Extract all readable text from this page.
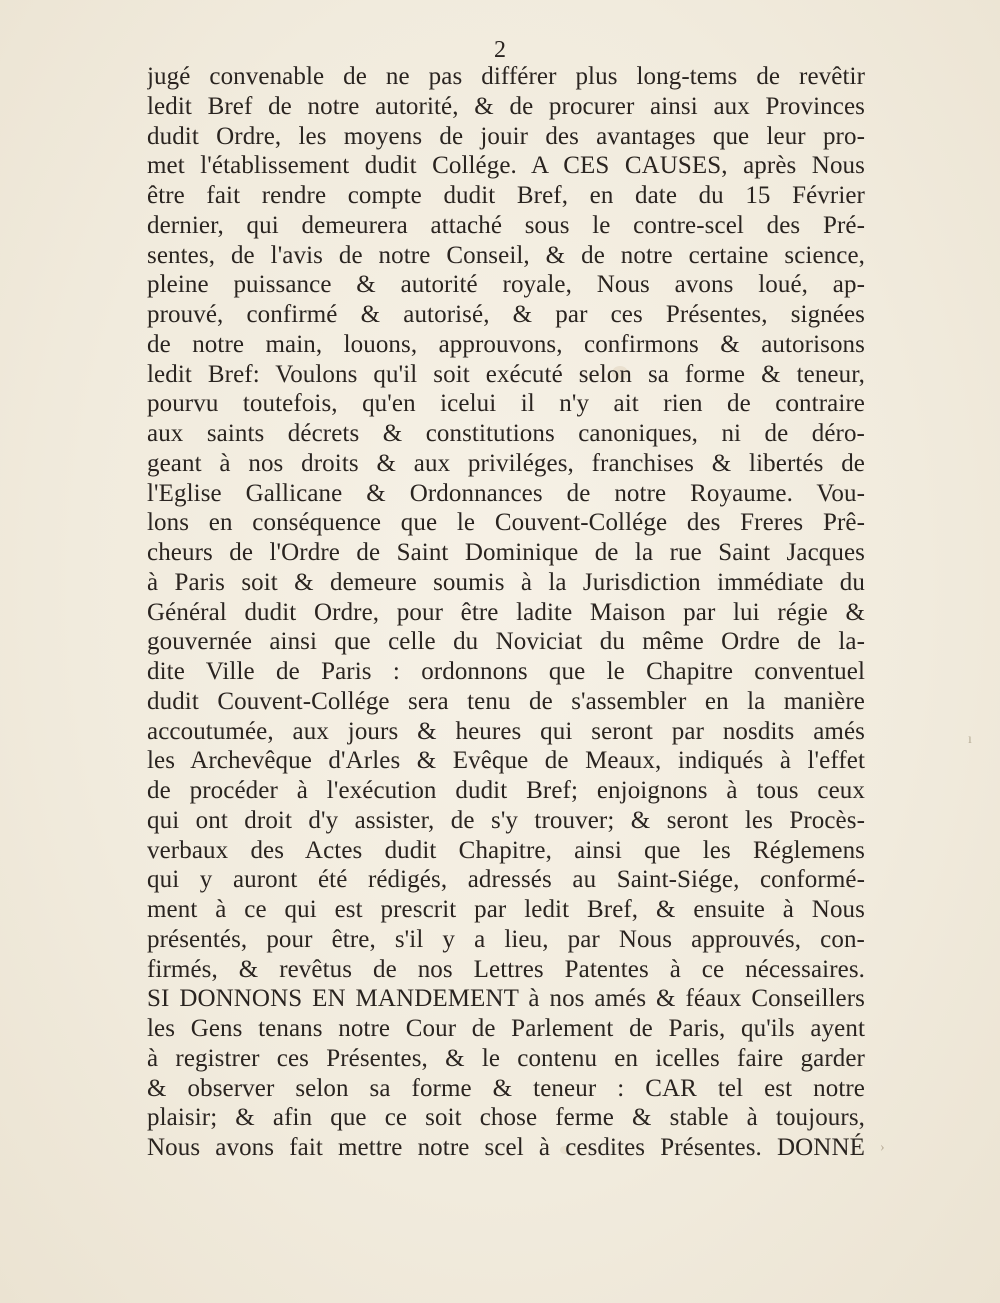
ı
›
2
jugé convenable de ne pas différer plus long-tems de revêtir
ledit Bref de notre autorité, & de procurer ainsi aux Provinces
dudit Ordre, les moyens de jouir des avantages que leur pro-
met l'établissement dudit Collége. A CES CAUSES, après Nous
être fait rendre compte dudit Bref, en date du 15 Février
dernier, qui demeurera attaché sous le contre-scel des Pré-
sentes, de l'avis de notre Conseil, & de notre certaine science,
pleine puissance & autorité royale, Nous avons loué, ap-
prouvé, confirmé & autorisé, & par ces Présentes, signées
de notre main, louons, approuvons, confirmons & autorisons
ledit Bref: Voulons qu'il soit exécuté selon sa forme & teneur,
pourvu toutefois, qu'en icelui il n'y ait rien de contraire
aux saints décrets & constitutions canoniques, ni de déro-
geant à nos droits & aux priviléges, franchises & libertés de
l'Eglise Gallicane & Ordonnances de notre Royaume. Vou-
lons en conséquence que le Couvent-Collége des Freres Prê-
cheurs de l'Ordre de Saint Dominique de la rue Saint Jacques
à Paris soit & demeure soumis à la Jurisdiction immédiate du
Général dudit Ordre, pour être ladite Maison par lui régie &
gouvernée ainsi que celle du Noviciat du même Ordre de la-
dite Ville de Paris : ordonnons que le Chapitre conventuel
dudit Couvent-Collége sera tenu de s'assembler en la manière
accoutumée, aux jours & heures qui seront par nosdits amés
les Archevêque d'Arles & Evêque de Meaux, indiqués à l'effet
de procéder à l'exécution dudit Bref; enjoignons à tous ceux
qui ont droit d'y assister, de s'y trouver; & seront les Procès-
verbaux des Actes dudit Chapitre, ainsi que les Réglemens
qui y auront été rédigés, adressés au Saint-Siége, conformé-
ment à ce qui est prescrit par ledit Bref, & ensuite à Nous
présentés, pour être, s'il y a lieu, par Nous approuvés, con-
firmés, & revêtus de nos Lettres Patentes à ce nécessaires.
SI DONNONS EN MANDEMENT à nos amés & féaux Conseillers
les Gens tenans notre Cour de Parlement de Paris, qu'ils ayent
à registrer ces Présentes, & le contenu en icelles faire garder
& observer selon sa forme & teneur : CAR tel est notre
plaisir; & afin que ce soit chose ferme & stable à toujours,
Nous avons fait mettre notre scel à cesdites Présentes. DONNÉ
